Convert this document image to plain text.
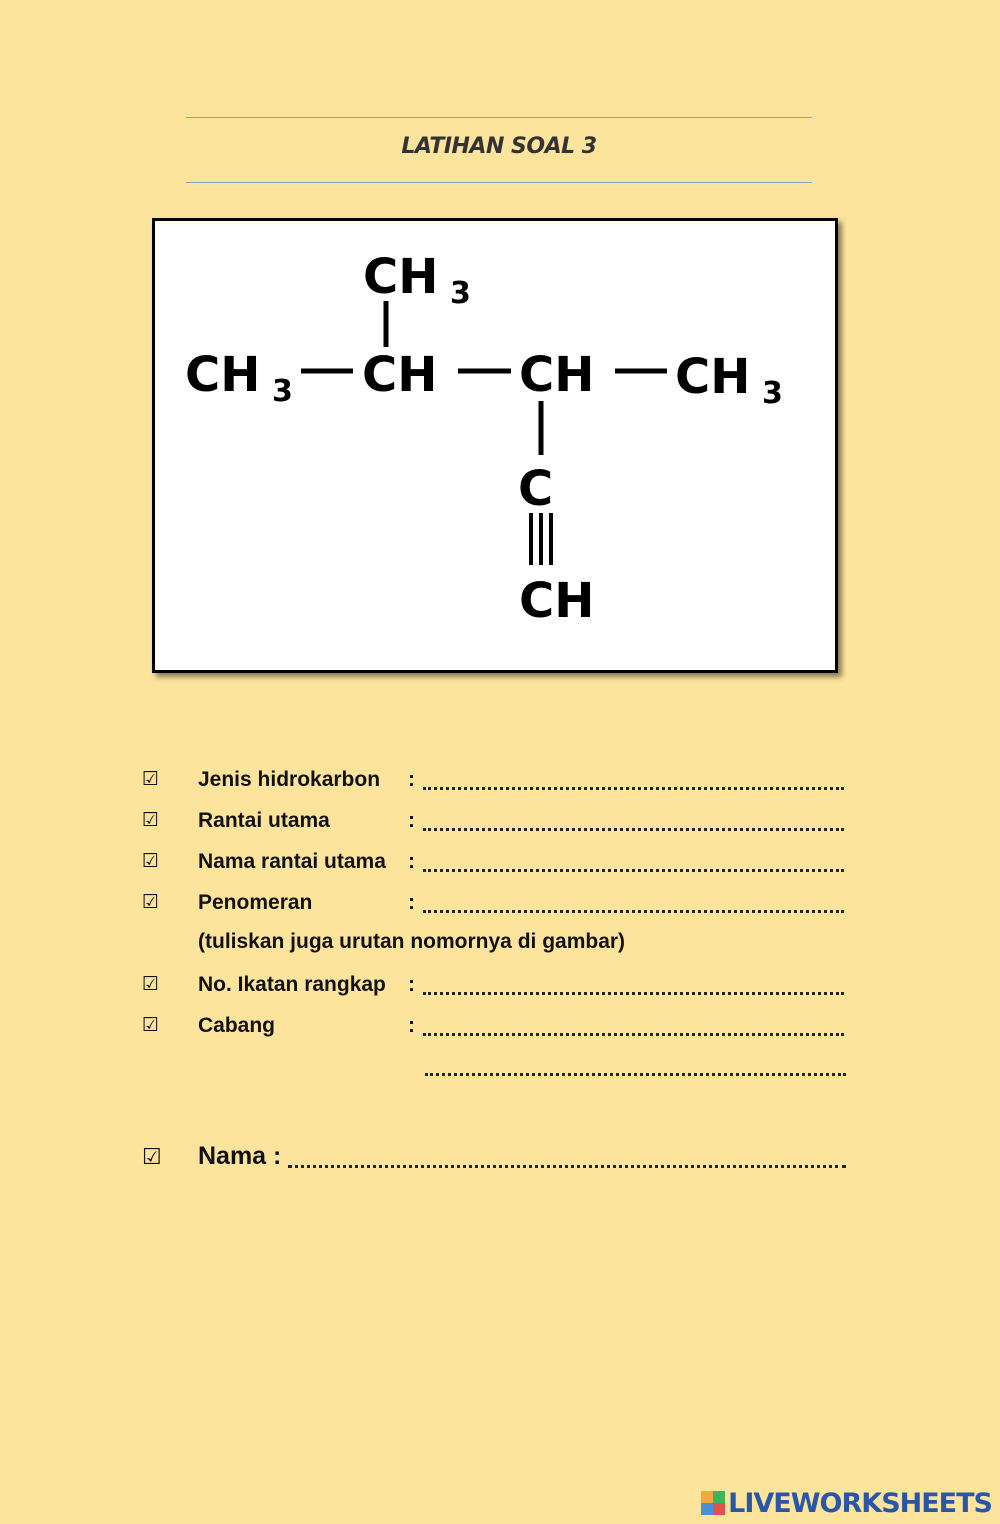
LATIHAN SOAL 3
CH 3
CH 3 CH CH CH 3
C
CH
☑ Jenis hidrokarbon :
☑ Rantai utama	:
☑ Nama rantai utama :
☑ Penomeran	:
(tuliskan juga urutan nomornya di gambar)
☑ No. Ikatan rangkap :
☑ Cabang	:
☑ Nama :
LIVEWORKSHEETS
